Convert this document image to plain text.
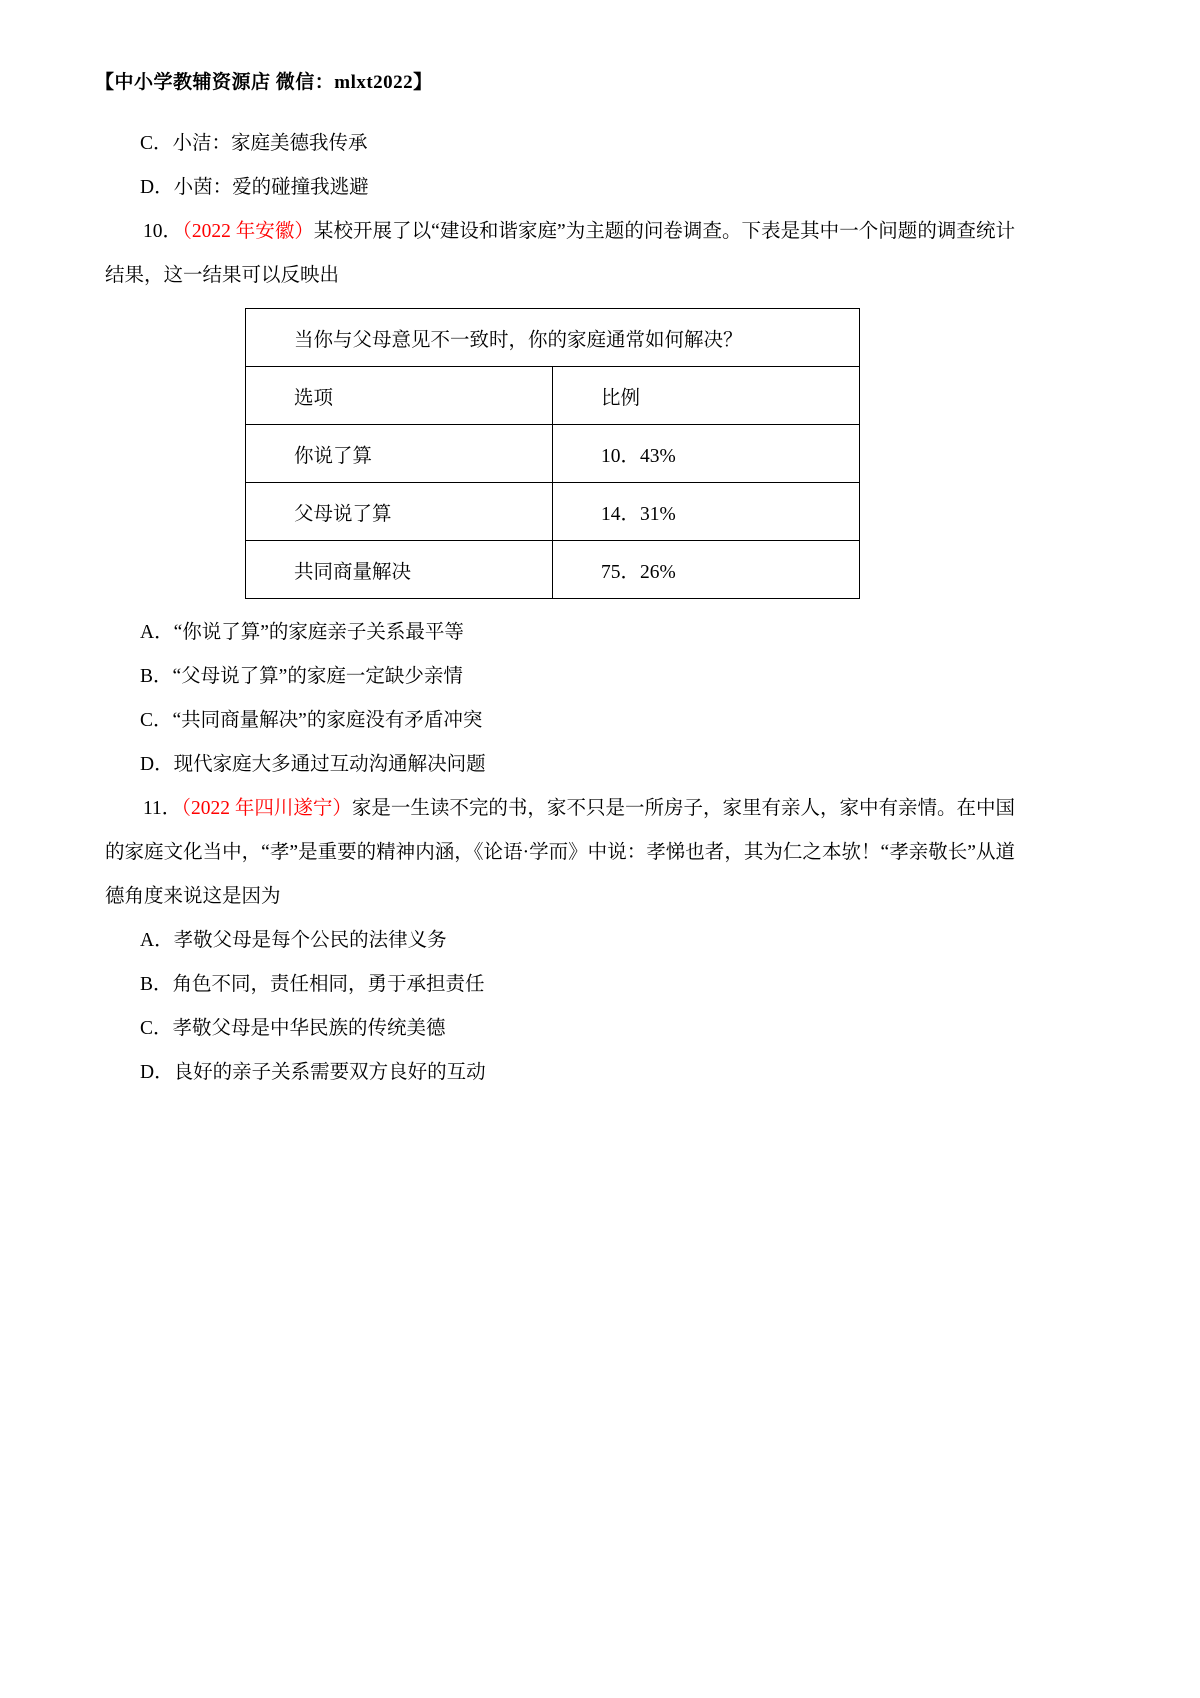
【中小学教辅资源店 微信：mlxt2022】

C．小洁：家庭美德我传承

D．小茵：爱的碰撞我逃避

10．（2022 年安徽）某校开展了以“建设和谐家庭”为主题的问卷调查。下表是其中一个问题的调查统计结果，这一结果可以反映出

当你与父母意见不一致时，你的家庭通常如何解决？	
选项	比例
你说了算	10．43%
父母说了算	14．31%
共同商量解决	75．26%

A．“你说了算”的家庭亲子关系最平等

B．“父母说了算”的家庭一定缺少亲情

C．“共同商量解决”的家庭没有矛盾冲突

D．现代家庭大多通过互动沟通解决问题

11．（2022 年四川遂宁）家是一生读不完的书，家不只是一所房子，家里有亲人，家中有亲情。在中国的家庭文化当中，“孝”是重要的精神内涵，《论语·学而》中说：孝悌也者，其为仁之本欤！“孝亲敬长”从道德角度来说这是因为

A．孝敬父母是每个公民的法律义务

B．角色不同，责任相同，勇于承担责任

C．孝敬父母是中华民族的传统美德

D．良好的亲子关系需要双方良好的互动
